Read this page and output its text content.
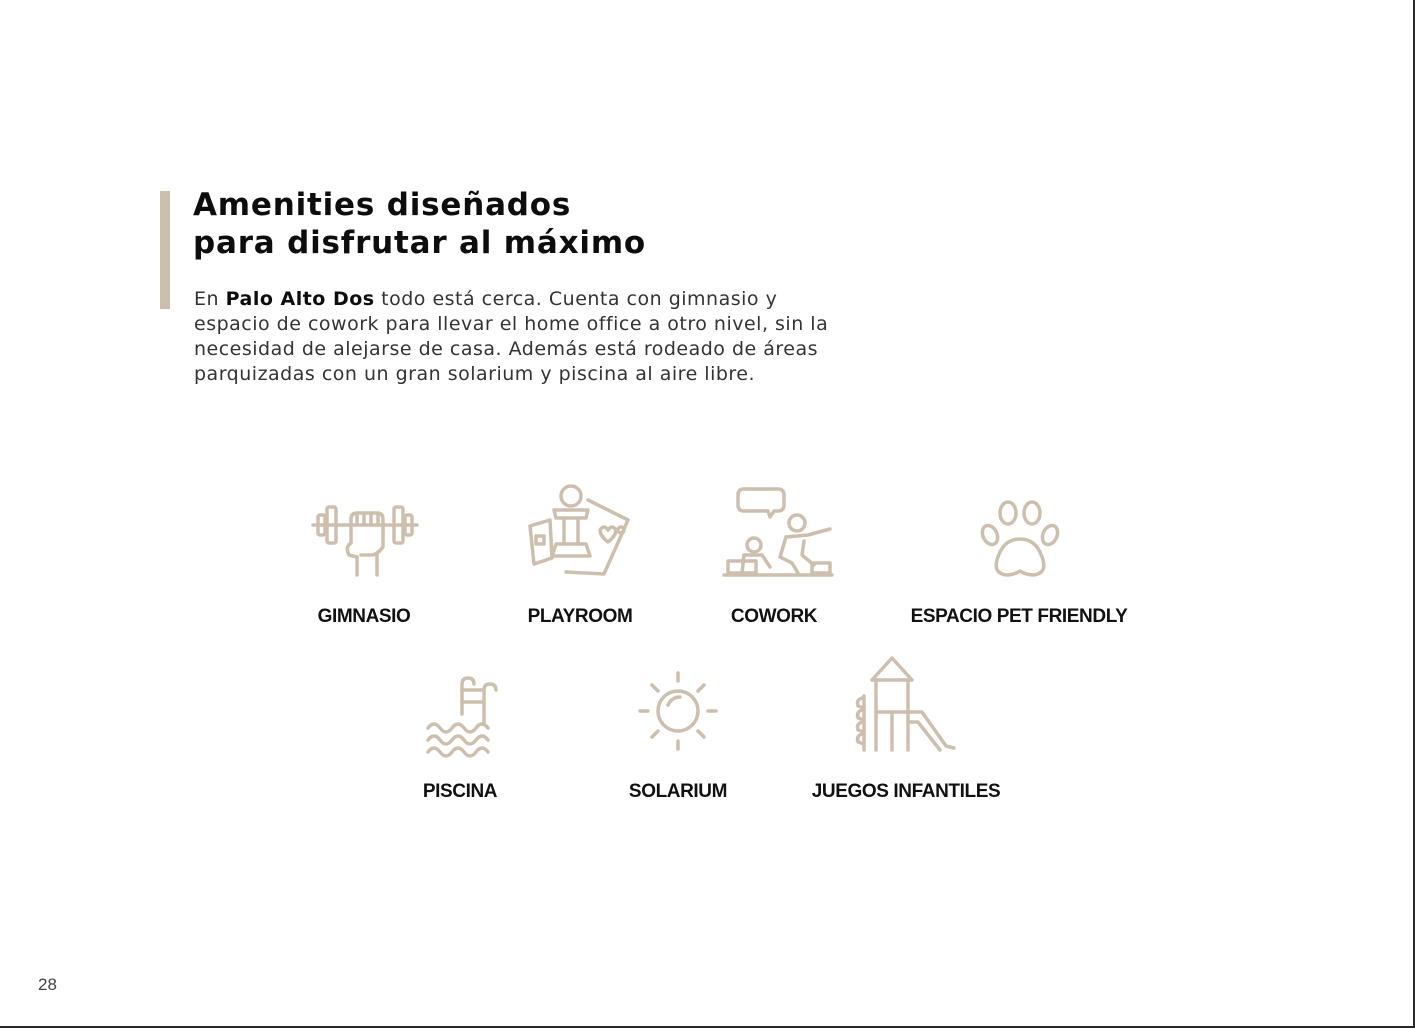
Amenities diseñados
para disfrutar al máximo

En Palo Alto Dos todo está cerca. Cuenta con gimnasio y espacio de cowork para llevar el home office a otro nivel, sin la necesidad de alejarse de casa. Además está rodeado de áreas parquizadas con un gran solarium y piscina al aire libre.

GIMNASIO	PLAYROOM	COWORK	ESPACIO PET FRIENDLY
PISCINA	SOLARIUM	JUEGOS INFANTILES
28
